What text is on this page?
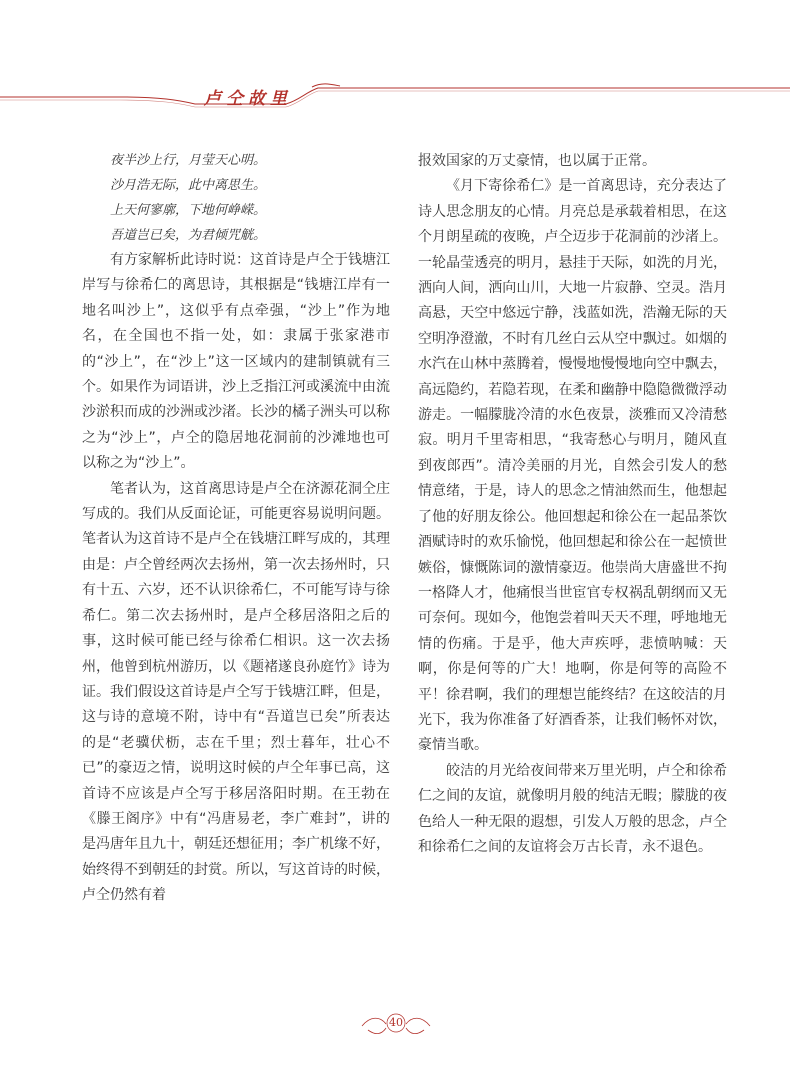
卢仝故里
夜半沙上行，月莹天心明。
沙月浩无际，此中离思生。
上天何寥廓，下地何峥嵘。
吾道岂已矣，为君倾咒觥。

有方家解析此诗时说：这首诗是卢仝于钱塘江岸写与徐希仁的离思诗，其根据是“钱塘江岸有一地名叫沙上”，这似乎有点牵强，“沙上”作为地名，在全国也不指一处，如：隶属于张家港市的“沙上”，在“沙上”这一区域内的建制镇就有三个。如果作为词语讲，沙上乏指江河或溪流中由流沙淤积而成的沙洲或沙渚。长沙的橘子洲头可以称之为“沙上”，卢仝的隐居地花洞前的沙滩地也可以称之为“沙上”。

笔者认为，这首离思诗是卢仝在济源花洞仝庄写成的。我们从反面论证，可能更容易说明问题。笔者认为这首诗不是卢仝在钱塘江畔写成的，其理由是：卢仝曾经两次去扬州，第一次去扬州时，只有十五、六岁，还不认识徐希仁，不可能写诗与徐希仁。第二次去扬州时，是卢仝移居洛阳之后的事，这时候可能已经与徐希仁相识。这一次去扬州，他曾到杭州游历，以《题褚遂良孙庭竹》诗为证。我们假设这首诗是卢仝写于钱塘江畔，但是，这与诗的意境不附，诗中有“吾道岂已矣”所表达的是“老骥伏枥，志在千里；烈士暮年，壮心不已”的豪迈之情，说明这时候的卢仝年事已高，这首诗不应该是卢仝写于移居洛阳时期。在王勃在《滕王阁序》中有“冯唐易老，李广难封”，讲的是冯唐年且九十，朝廷还想征用；李广机缘不好，始终得不到朝廷的封赏。所以，写这首诗的时候，卢仝仍然有着

报效国家的万丈豪情，也以属于正常。

《月下寄徐希仁》是一首离思诗，充分表达了诗人思念朋友的心情。月亮总是承载着相思，在这个月朗星疏的夜晚，卢仝迈步于花洞前的沙渚上。一轮晶莹透亮的明月，悬挂于天际，如洗的月光，洒向人间，洒向山川，大地一片寂静、空灵。浩月高悬，天空中悠远宁静，浅蓝如洗，浩瀚无际的天空明净澄澈，不时有几丝白云从空中飘过。如烟的水汽在山林中蒸腾着，慢慢地慢慢地向空中飘去，高远隐约，若隐若现，在柔和幽静中隐隐微微浮动游走。一幅朦胧冷清的水色夜景，淡雅而又冷清愁寂。明月千里寄相思，“我寄愁心与明月，随风直到夜郎西”。清冷美丽的月光，自然会引发人的愁情意绪，于是，诗人的思念之情油然而生，他想起了他的好朋友徐公。他回想起和徐公在一起品茶饮酒赋诗时的欢乐愉悦，他回想起和徐公在一起愤世嫉俗，慷慨陈词的激情豪迈。他崇尚大唐盛世不拘一格降人才，他痛恨当世宦官专权祸乱朝纲而又无可奈何。现如今，他饱尝着叫天天不理，呼地地无情的伤痛。于是乎，他大声疾呼，悲愤呐喊：天啊，你是何等的广大！地啊，你是何等的高险不平！徐君啊，我们的理想岂能终结？在这皎洁的月光下，我为你准备了好酒香茶，让我们畅怀对饮，豪情当歌。

皎洁的月光给夜间带来万里光明，卢仝和徐希仁之间的友谊，就像明月般的纯洁无暇；朦胧的夜色给人一种无限的遐想，引发人万般的思念，卢仝和徐希仁之间的友谊将会万古长青，永不退色。

40
